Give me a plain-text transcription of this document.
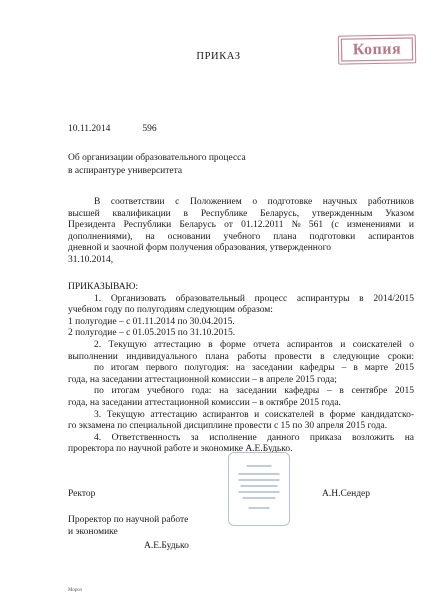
Копия
ПРИКАЗ
10.11.2014	596
Об организации образовательного процесса
в аспирантуре университета
В соответствии с Положением о подготовке научных работников
высшей квалификации в Республике Беларусь, утвержденным Указом
Президента Республики Беларусь от 01.12.2011 № 561 (с изменениями и
дополнениями), на основании учебного плана подготовки аспирантов
дневной и заочной форм получения образования, утвержденного
31.10.2014,
ПРИКАЗЫВАЮ:
1. Организовать образовательный процесс аспирантуры в 2014/2015
учебном году по полугодиям следующим образом:
1 полугодие – с 01.11.2014 по 30.04.2015.
2 полугодие – с 01.05.2015 по 31.10.2015.
2. Текущую аттестацию в форме отчета аспирантов и соискателей о
выполнении индивидуального плана работы провести в следующие сроки:
по итогам первого полугодия: на заседании кафедры – в марте 2015
года, на заседании аттестационной комиссии – в апреле 2015 года;
по итогам учебного года: на заседании кафедры – в сентябре 2015
года, на заседании аттестационной комиссии – в октябре 2015 года.
3. Текущую аттестацию аспирантов и соискателей в форме кандидатско-
го экзамена по специальной дисциплине провести с 15 по 30 апреля 2015 года.
4. Ответственность за исполнение данного приказа возложить на
проректора по научной работе и экономике А.Е.Будько.
Ректор	А.Н.Сендер
Проректор по научной работе
и экономике
А.Е.Будько
Мороз
